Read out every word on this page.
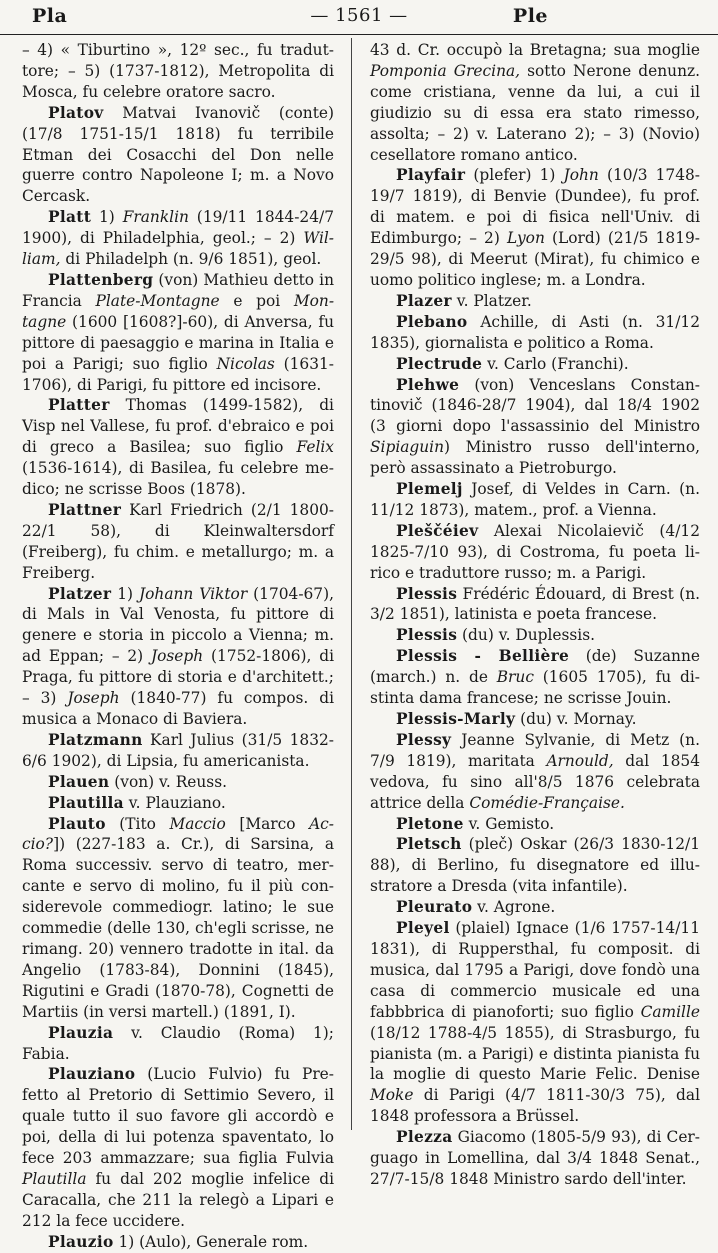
Pla	— 1561 —	Ple

– 4) « Tiburtino », 12º sec., fu traduttore; – 5) (1737-1812), Metropolita di Mosca, fu celebre oratore sacro.

Platov Matvai Ivanovič (conte) (17/8 1751-15/1 1818) fu terribile Etman dei Cosacchi del Don nelle guerre contro Napoleone I; m. a Novo Cercask.

Platt 1) Franklin (19/11 1844-24/7 1900), di Philadelphia, geol.; – 2) William, di Philadelph (n. 9/6 1851), geol.

Plattenberg (von) Mathieu detto in Francia Plate-Montagne e poi Montagne (1600 [1608?]-60), di Anversa, fu pittore di paesaggio e marina in Italia e poi a Parigi; suo figlio Nicolas (1631-1706), di Parigi, fu pittore ed incisore.

Platter Thomas (1499-1582), di Visp nel Vallese, fu prof. d'ebraico e poi di greco a Basilea; suo figlio Felix (1536-1614), di Basilea, fu celebre medico; ne scrisse Boos (1878).

Plattner Karl Friedrich (2/1 1800-22/1 58), di Kleinwaltersdorf (Freiberg), fu chim. e metallurgo; m. a Freiberg.

Platzer 1) Johann Viktor (1704-67), di Mals in Val Venosta, fu pittore di genere e storia in piccolo a Vienna; m. ad Eppan; – 2) Joseph (1752-1806), di Praga, fu pittore di storia e d'architett.; – 3) Joseph (1840-77) fu compos. di musica a Monaco di Baviera.

Platzmann Karl Julius (31/5 1832-6/6 1902), di Lipsia, fu americanista.

Plauen (von) v. Reuss.

Plautilla v. Plauziano.

Plauto (Tito Maccio [Marco Accio?]) (227-183 a. Cr.), di Sarsina, a Roma successiv. servo di teatro, mercante e servo di molino, fu il più considerevole commediogr. latino; le sue commedie (delle 130, ch'egli scrisse, ne rimang. 20) vennero tradotte in ital. da Angelio (1783-84), Donnini (1845), Rigutini e Gradi (1870-78), Cognetti de Martiis (in versi martell.) (1891, I).

Plauzia v. Claudio (Roma) 1); Fabia.

Plauziano (Lucio Fulvio) fu Prefetto al Pretorio di Settimio Severo, il quale tutto il suo favore gli accordò e poi, della di lui potenza spaventato, lo fece 203 ammazzare; sua figlia Fulvia Plautilla fu dal 202 moglie infelice di Caracalla, che 211 la relegò a Lipari e 212 la fece uccidere.

Plauzio 1) (Aulo), Generale rom.

43 d. Cr. occupò la Bretagna; sua moglie Pomponia Grecina, sotto Nerone denunz. come cristiana, venne da lui, a cui il giudizio su di essa era stato rimesso, assolta; – 2) v. Laterano 2); – 3) (Novio) cesellatore romano antico.

Playfair (plefer) 1) John (10/3 1748-19/7 1819), di Benvie (Dundee), fu prof. di matem. e poi di fisica nell'Univ. di Edimburgo; – 2) Lyon (Lord) (21/5 1819-29/5 98), di Meerut (Mirat), fu chimico e uomo politico inglese; m. a Londra.

Plazer v. Platzer.

Plebano Achille, di Asti (n. 31/12 1835), giornalista e politico a Roma.

Plectrude v. Carlo (Franchi).

Plehwe (von) Venceslans Constantinovič (1846-28/7 1904), dal 18/4 1902 (3 giorni dopo l'assassinio del Ministro Sipiaguin) Ministro russo dell'interno, però assassinato a Pietroburgo.

Plemelj Josef, di Veldes in Carn. (n. 11/12 1873), matem., prof. a Vienna.

Pleščéiev Alexai Nicolaievič (4/12 1825-7/10 93), di Costroma, fu poeta lirico e traduttore russo; m. a Parigi.

Plessis Frédéric Édouard, di Brest (n. 3/2 1851), latinista e poeta francese.

Plessis (du) v. Duplessis.

Plessis - Bellière (de) Suzanne (march.) n. de Bruc (1605 1705), fu distinta dama francese; ne scrisse Jouin.

Plessis-Marly (du) v. Mornay.

Plessy Jeanne Sylvanie, di Metz (n. 7/9 1819), maritata Arnould, dal 1854 vedova, fu sino all'8/5 1876 celebrata attrice della Comédie-Française.

Pletone v. Gemisto.

Pletsch (pleč) Oskar (26/3 1830-12/1 88), di Berlino, fu disegnatore ed illustratore a Dresda (vita infantile).

Pleurato v. Agrone.

Pleyel (plaiel) Ignace (1/6 1757-14/11 1831), di Ruppersthal, fu composit. di musica, dal 1795 a Parigi, dove fondò una casa di commercio musicale ed una fabbbrica di pianoforti; suo figlio Camille (18/12 1788-4/5 1855), di Strasburgo, fu pianista (m. a Parigi) e distinta pianista fu la moglie di questo Marie Felic. Denise Moke di Parigi (4/7 1811-30/3 75), dal 1848 professora a Brüssel.

Plezza Giacomo (1805-5/9 93), di Cerguago in Lomellina, dal 3/4 1848 Senat., 27/7-15/8 1848 Ministro sardo dell'inter.
